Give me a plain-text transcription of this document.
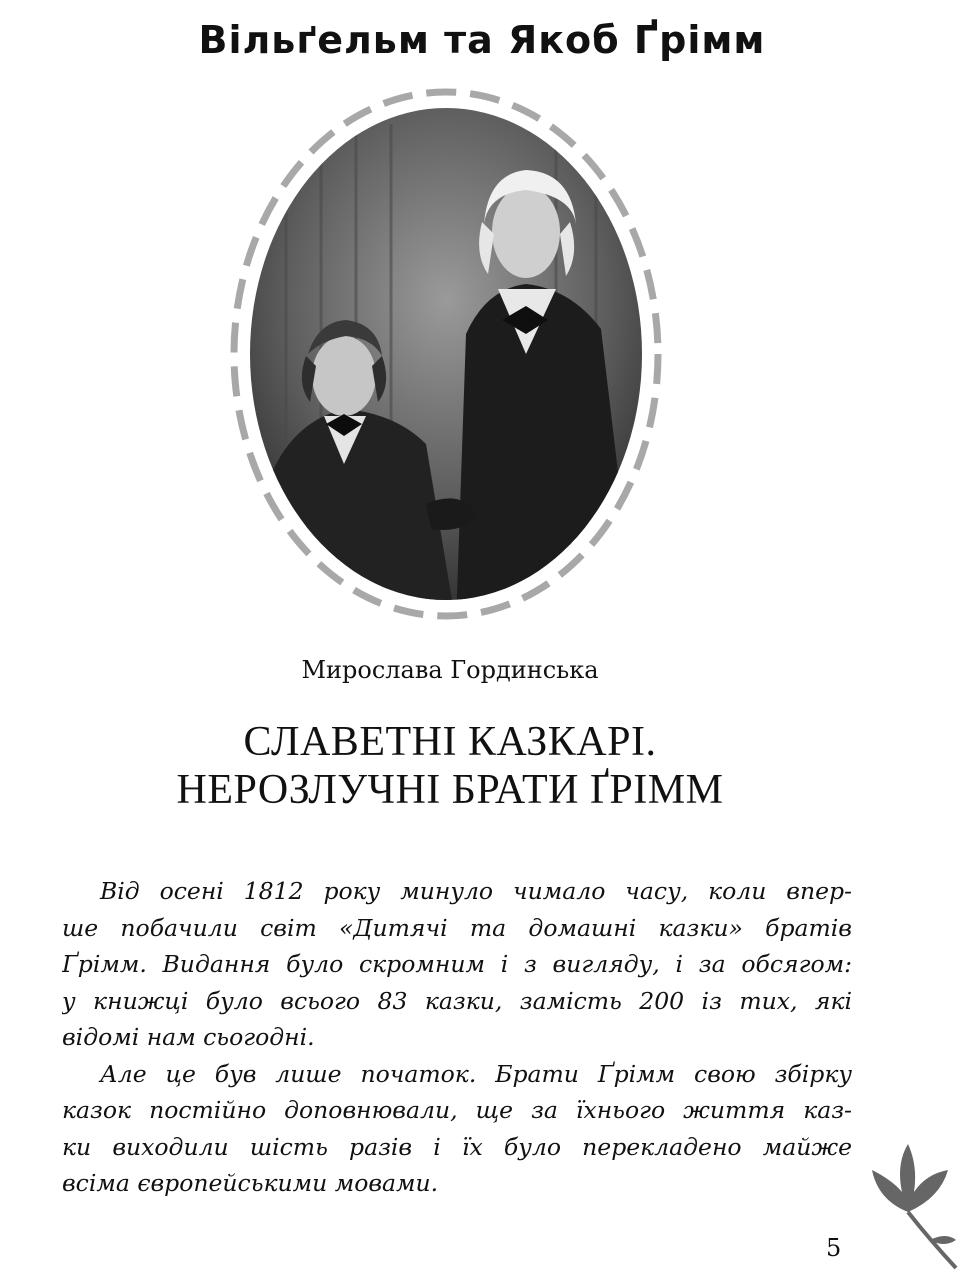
Вільґельм та Якоб Ґрімм
Мирослава Гординська
СЛАВЕТНІ КАЗКАРІ.
НЕРОЗЛУЧНІ БРАТИ ҐРІММ
Від осені 1812 року минуло чимало часу, коли впер-
ше побачили світ «Дитячі та домашні казки» братів
Ґрімм. Видання було скромним і з вигляду, і за обсягом:
у книжці було всього 83 казки, замість 200 із тих, які
відомі нам сьогодні.
Але це був лише початок. Брати Ґрімм свою збірку
казок постійно доповнювали, ще за їхнього життя каз-
ки виходили шість разів і їх було перекладено майже
всіма європейськими мовами.
5
